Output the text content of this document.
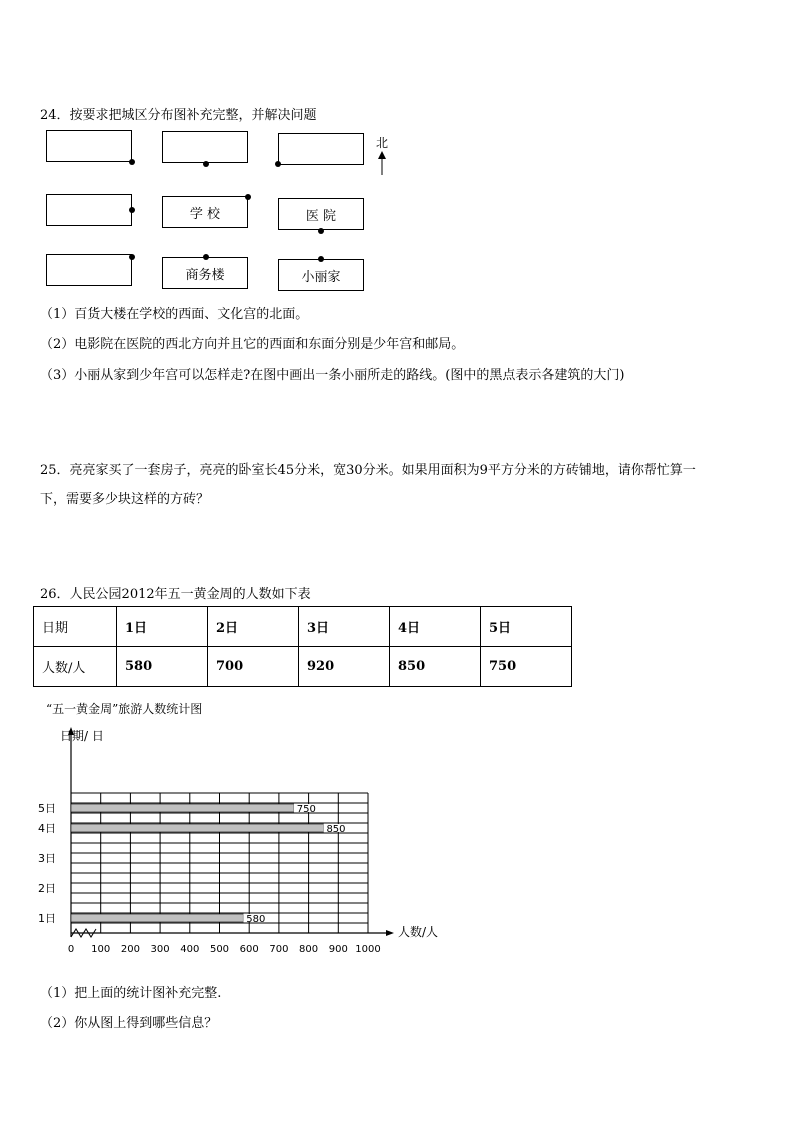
24．按要求把城区分布图补充完整，并解决问题
北
学 校	医 院
商务楼	小丽家
（1）百货大楼在学校的西面、文化宫的北面。
（2）电影院在医院的西北方向并且它的西面和东面分别是少年宫和邮局。
（3）小丽从家到少年宫可以怎样走?在图中画出一条小丽所走的路线。(图中的黑点表示各建筑的大门)
25．亮亮家买了一套房子，亮亮的卧室长45分米，宽30分米。如果用面积为9平方分米的方砖铺地，请你帮忙算一
下，需要多少块这样的方砖？
26．人民公园2012年五一黄金周的人数如下表
日期	1日	2日	3日	4日	5日
人数/人	580	700	920	850	750
“五一黄金周”旅游人数统计图
0 100 200 300 400 500 600 700 800 900 1000
日期/ 日
人数/人
1日	580
2日
3日
4日	850
5日	750
（1）把上面的统计图补充完整.
（2）你从图上得到哪些信息？
